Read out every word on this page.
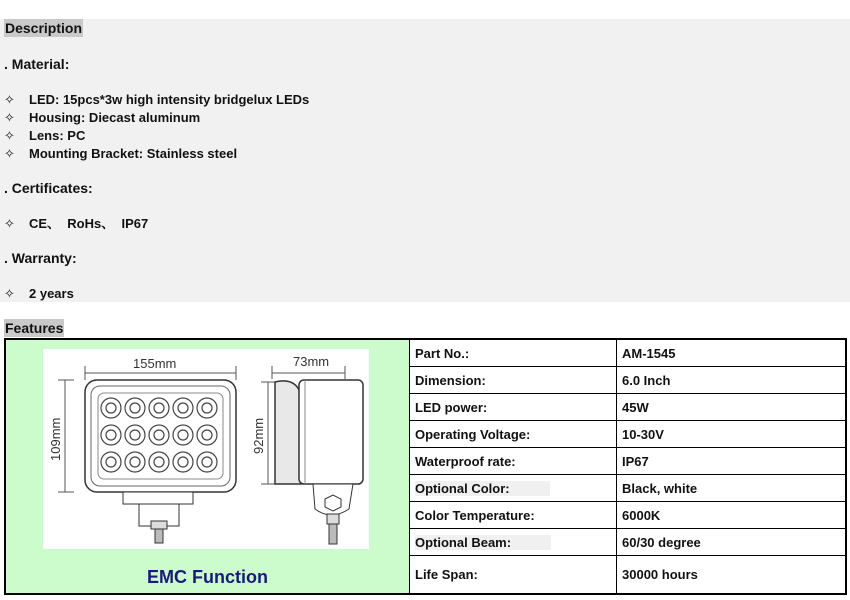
Description
. Material:
✧ LED: 15pcs*3w high intensity bridgelux LEDs
✧ Housing: Diecast aluminum
✧ Lens: PC
✧ Mounting Bracket: Stainless steel
. Certificates:
✧ CE、  RoHs、  IP67
. Warranty:
✧ 2 years
Features
155mm
109mm
73mm
92mm
EMC Function
Part No.:	AM-1545
Dimension:	6.0 Inch
LED power:	45W
Operating Voltage:	10-30V
Waterproof rate:	IP67
Optional Color:	Black, white
Color Temperature:	6000K
Optional Beam:	60/30 degree
Life Span:	30000 hours
